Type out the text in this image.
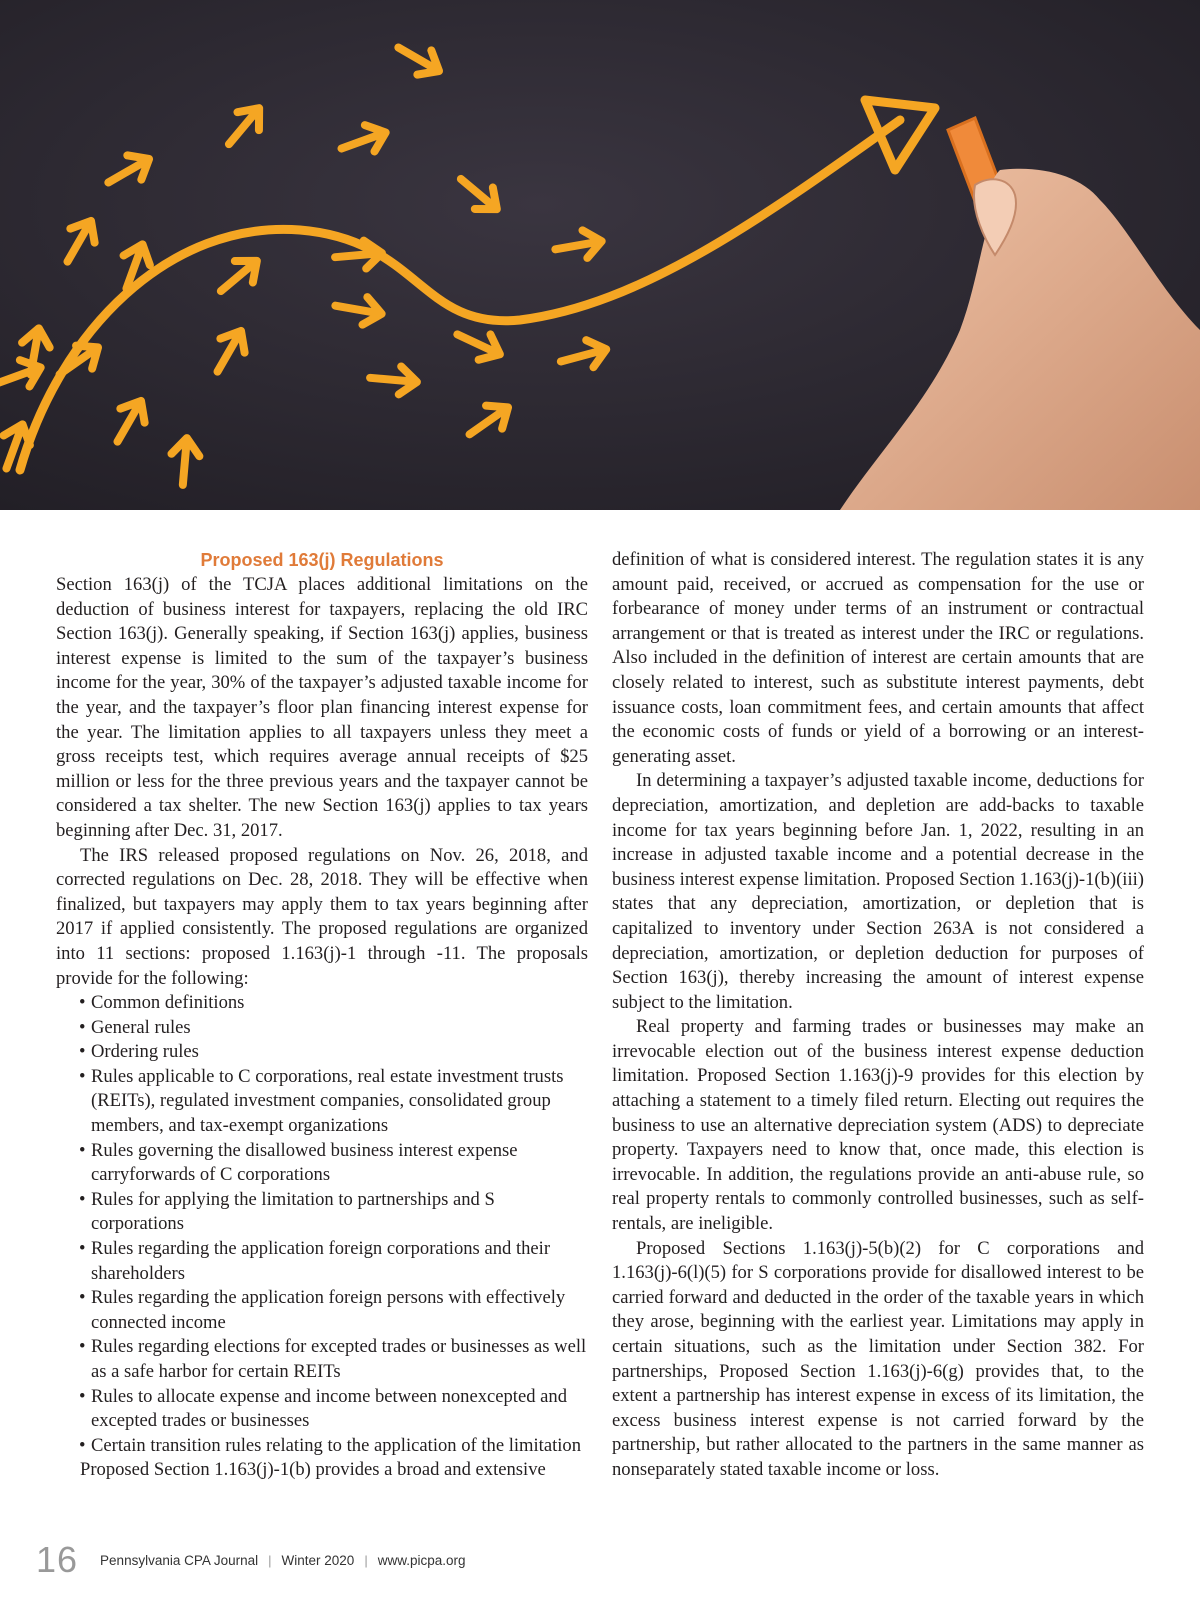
Proposed 163(j) Regulations

Section 163(j) of the TCJA places additional limitations on the deduction of business interest for taxpayers, replacing the old IRC Section 163(j). Generally speaking, if Section 163(j) applies, business interest expense is limited to the sum of the taxpayer’s business income for the year, 30% of the taxpayer’s adjusted taxable income for the year, and the taxpayer’s floor plan financing interest expense for the year. The limitation applies to all taxpayers unless they meet a gross receipts test, which requires average annual receipts of $25 million or less for the three previous years and the taxpayer cannot be considered a tax shelter. The new Section 163(j) applies to tax years beginning after Dec. 31, 2017.

The IRS released proposed regulations on Nov. 26, 2018, and corrected regulations on Dec. 28, 2018. They will be effective when finalized, but taxpayers may apply them to tax years beginning after 2017 if applied consistently. The proposed regulations are organized into 11 sections: proposed 1.163(j)-1 through -11. The proposals provide for the following:

• Common definitions
• General rules
• Ordering rules
• Rules applicable to C corporations, real estate investment trusts (REITs), regulated investment companies, consolidated group members, and tax-exempt organizations
• Rules governing the disallowed business interest expense carryforwards of C corporations
• Rules for applying the limitation to partnerships and S corporations
• Rules regarding the application foreign corporations and their shareholders
• Rules regarding the application foreign persons with effectively connected income
• Rules regarding elections for excepted trades or businesses as well as a safe harbor for certain REITs
• Rules to allocate expense and income between nonexcepted and excepted trades or businesses
• Certain transition rules relating to the application of the limitation

Proposed Section 1.163(j)-1(b) provides a broad and extensive

definition of what is considered interest. The regulation states it is any amount paid, received, or accrued as compensation for the use or forbearance of money under terms of an instrument or contractual arrangement or that is treated as interest under the IRC or regulations. Also included in the definition of interest are certain amounts that are closely related to interest, such as substitute interest payments, debt issuance costs, loan commitment fees, and certain amounts that affect the economic costs of funds or yield of a borrowing or an interest-generating asset.

In determining a taxpayer’s adjusted taxable income, deductions for depreciation, amortization, and depletion are add-backs to taxable income for tax years beginning before Jan. 1, 2022, resulting in an increase in adjusted taxable income and a potential decrease in the business interest expense limitation. Proposed Section 1.163(j)-1(b)(iii) states that any depreciation, amortization, or depletion that is capitalized to inventory under Section 263A is not considered a depreciation, amortization, or depletion deduction for purposes of Section 163(j), thereby increasing the amount of interest expense subject to the limitation.

Real property and farming trades or businesses may make an irrevocable election out of the business interest expense deduction limitation. Proposed Section 1.163(j)-9 provides for this election by attaching a statement to a timely filed return. Electing out requires the business to use an alternative depreciation system (ADS) to depreciate property. Taxpayers need to know that, once made, this election is irrevocable. In addition, the regulations provide an anti-abuse rule, so real property rentals to commonly controlled businesses, such as self-rentals, are ineligible.

Proposed Sections 1.163(j)-5(b)(2) for C corporations and 1.163(j)-6(l)(5) for S corporations provide for disallowed interest to be carried forward and deducted in the order of the taxable years in which they arose, beginning with the earliest year. Limitations may apply in certain situations, such as the limitation under Section 382. For partnerships, Proposed Section 1.163(j)-6(g) provides that, to the extent a partnership has interest expense in excess of its limitation, the excess business interest expense is not carried forward by the partnership, but rather allocated to the partners in the same manner as nonseparately stated taxable income or loss.

16 Pennsylvania CPA Journal | Winter 2020 | www.picpa.org
